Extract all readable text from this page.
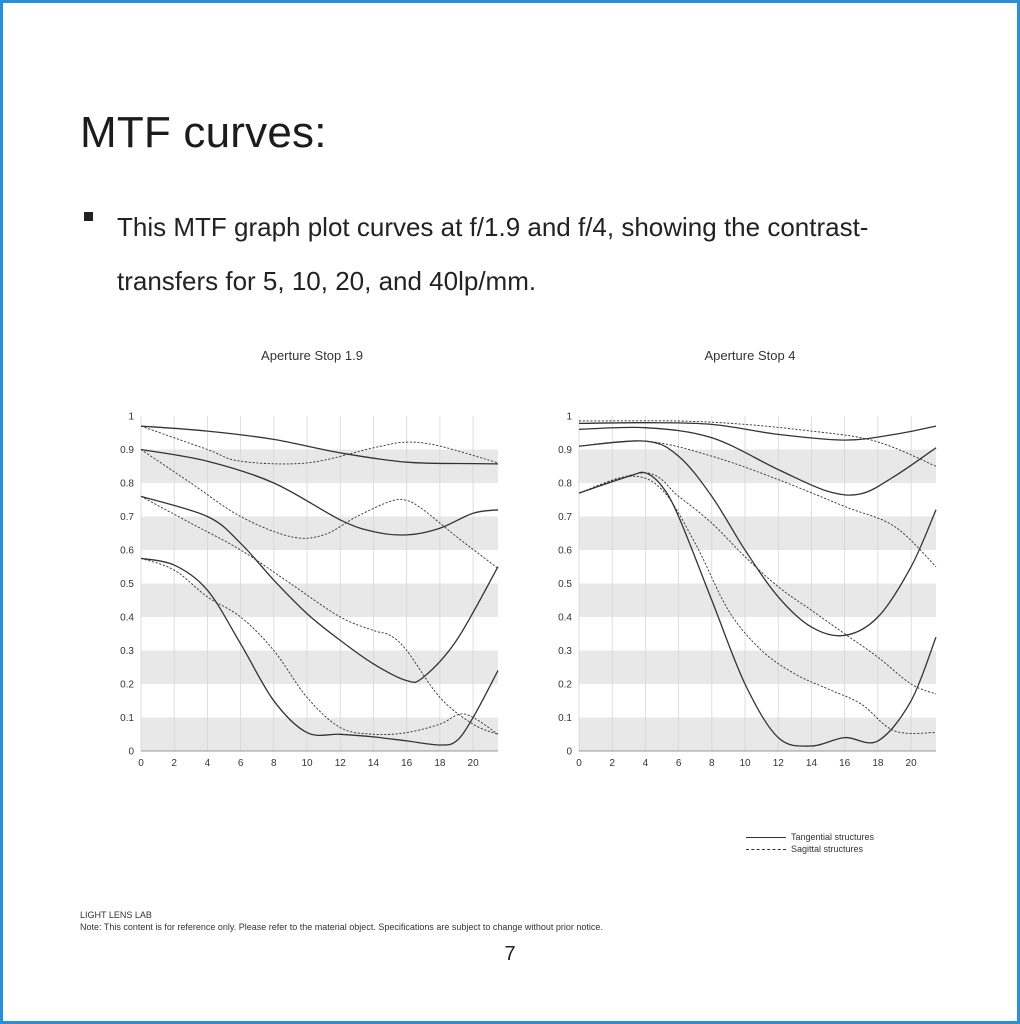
MTF curves:
This MTF graph plot curves at f/1.9 and f/4, showing the contrast-transfers for 5, 10, 20, and 40lp/mm.
Aperture Stop 1.9
0	2	4	6	8 10 12 14 16 18 20
0
0.1
0.2
0.3
0.4
0.5
0.6
0.7
0.8
0.9
1
Aperture Stop 4
0	2	4	6	8 10 12 14 16 18 20
0
0.1
0.2
0.3
0.4
0.5
0.6
0.7
0.8
0.9
1
Tangential structures
Sagittal structures
LIGHT LENS LAB
Note: This content is for reference only. Please refer to the material object. Specifications are subject to change without prior notice.
7
